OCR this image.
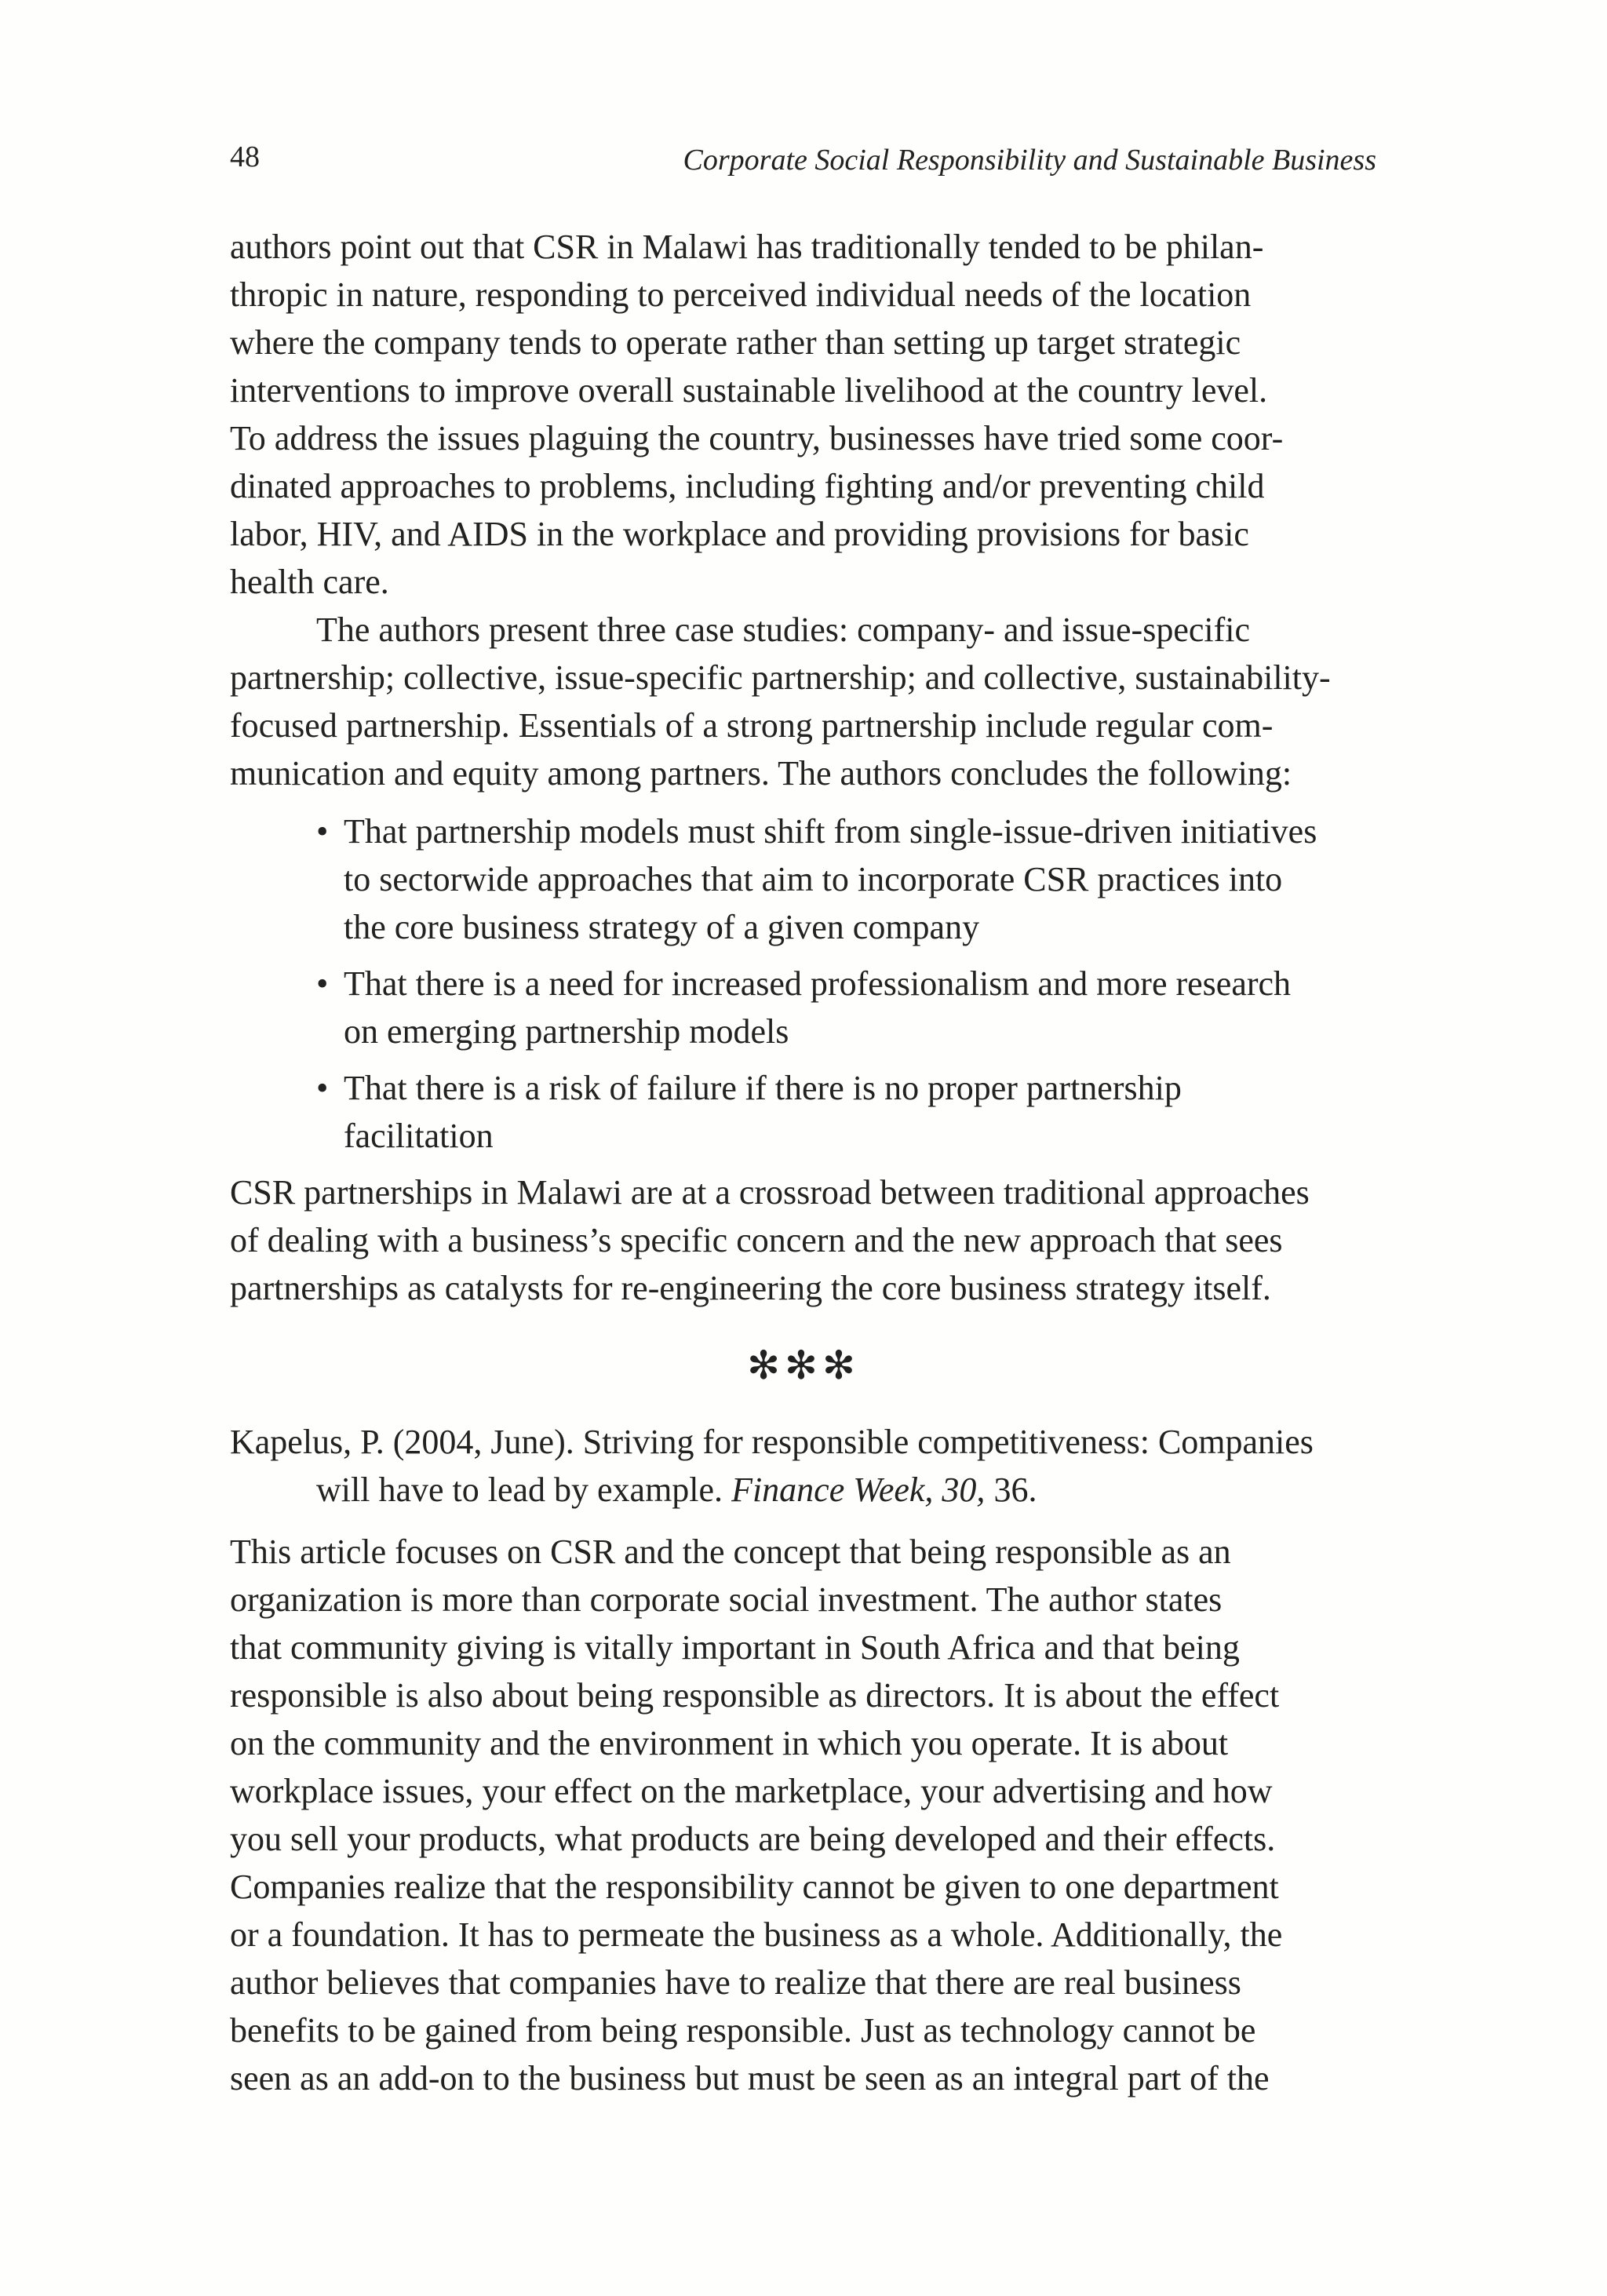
48	Corporate Social Responsibility and Sustainable Business
authors point out that CSR in Malawi has traditionally tended to be philan-
thropic in nature, responding to perceived individual needs of the location
where the company tends to operate rather than setting up target strategic
interventions to improve overall sustainable livelihood at the country level.
To address the issues plaguing the country, businesses have tried some coor-
dinated approaches to problems, including fighting and/or preventing child
labor, HIV, and AIDS in the workplace and providing provisions for basic
health care.
The authors present three case studies: company- and issue-specific
partnership; collective, issue-specific partnership; and collective, sustainability-
focused partnership. Essentials of a strong partnership include regular com-
munication and equity among partners. The authors concludes the following:
• That partnership models must shift from single-issue-driven initiatives
to sectorwide approaches that aim to incorporate CSR practices into
the core business strategy of a given company
• That there is a need for increased professionalism and more research
on emerging partnership models
• That there is a risk of failure if there is no proper partnership
facilitation
CSR partnerships in Malawi are at a crossroad between traditional approaches
of dealing with a business’s specific concern and the new approach that sees
partnerships as catalysts for re-engineering the core business strategy itself.
✻✻✻
Kapelus, P. (2004, June). Striving for responsible competitiveness: Companies
will have to lead by example. Finance Week, 30, 36.
This article focuses on CSR and the concept that being responsible as an
organization is more than corporate social investment. The author states
that community giving is vitally important in South Africa and that being
responsible is also about being responsible as directors. It is about the effect
on the community and the environment in which you operate. It is about
workplace issues, your effect on the marketplace, your advertising and how
you sell your products, what products are being developed and their effects.
Companies realize that the responsibility cannot be given to one department
or a foundation. It has to permeate the business as a whole. Additionally, the
author believes that companies have to realize that there are real business
benefits to be gained from being responsible. Just as technology cannot be
seen as an add-on to the business but must be seen as an integral part of the
